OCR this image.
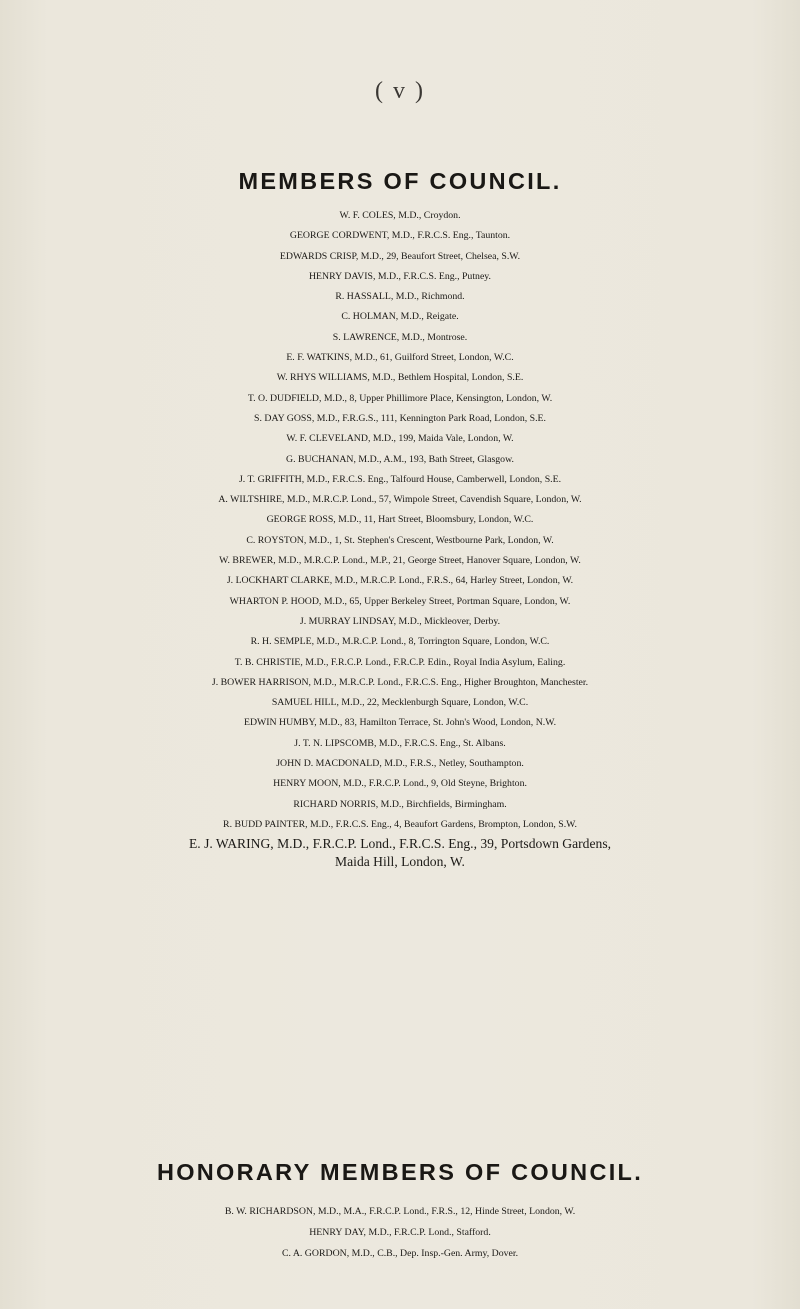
( v )
MEMBERS OF COUNCIL.
W. F. COLES, M.D., Croydon.
GEORGE CORDWENT, M.D., F.R.C.S. Eng., Taunton.
EDWARDS CRISP, M.D., 29, Beaufort Street, Chelsea, S.W.
HENRY DAVIS, M.D., F.R.C.S. Eng., Putney.
R. HASSALL, M.D., Richmond.
C. HOLMAN, M.D., Reigate.
S. LAWRENCE, M.D., Montrose.
E. F. WATKINS, M.D., 61, Guilford Street, London, W.C.
W. RHYS WILLIAMS, M.D., Bethlem Hospital, London, S.E.
T. O. DUDFIELD, M.D., 8, Upper Phillimore Place, Kensington, London, W.
S. DAY GOSS, M.D., F.R.G.S., 111, Kennington Park Road, London, S.E.
W. F. CLEVELAND, M.D., 199, Maida Vale, London, W.
G. BUCHANAN, M.D., A.M., 193, Bath Street, Glasgow.
J. T. GRIFFITH, M.D., F.R.C.S. Eng., Talfourd House, Camberwell, London, S.E.
A. WILTSHIRE, M.D., M.R.C.P. Lond., 57, Wimpole Street, Cavendish Square, London, W.
GEORGE ROSS, M.D., 11, Hart Street, Bloomsbury, London, W.C.
C. ROYSTON, M.D., 1, St. Stephen's Crescent, Westbourne Park, London, W.
W. BREWER, M.D., M.R.C.P. Lond., M.P., 21, George Street, Hanover Square, London, W.
J. LOCKHART CLARKE, M.D., M.R.C.P. Lond., F.R.S., 64, Harley Street, London, W.
WHARTON P. HOOD, M.D., 65, Upper Berkeley Street, Portman Square, London, W.
J. MURRAY LINDSAY, M.D., Mickleover, Derby.
R. H. SEMPLE, M.D., M.R.C.P. Lond., 8, Torrington Square, London, W.C.
T. B. CHRISTIE, M.D., F.R.C.P. Lond., F.R.C.P. Edin., Royal India Asylum, Ealing.
J. BOWER HARRISON, M.D., M.R.C.P. Lond., F.R.C.S. Eng., Higher Broughton, Manchester.
SAMUEL HILL, M.D., 22, Mecklenburgh Square, London, W.C.
EDWIN HUMBY, M.D., 83, Hamilton Terrace, St. John's Wood, London, N.W.
J. T. N. LIPSCOMB, M.D., F.R.C.S. Eng., St. Albans.
JOHN D. MACDONALD, M.D., F.R.S., Netley, Southampton.
HENRY MOON, M.D., F.R.C.P. Lond., 9, Old Steyne, Brighton.
RICHARD NORRIS, M.D., Birchfields, Birmingham.
R. BUDD PAINTER, M.D., F.R.C.S. Eng., 4, Beaufort Gardens, Brompton, London, S.W.
E. J. WARING, M.D., F.R.C.P. Lond., F.R.C.S. Eng., 39, Portsdown Gardens,
Maida Hill, London, W.
HONORARY MEMBERS OF COUNCIL.
B. W. RICHARDSON, M.D., M.A., F.R.C.P. Lond., F.R.S., 12, Hinde Street, London, W.
HENRY DAY, M.D., F.R.C.P. Lond., Stafford.
C. A. GORDON, M.D., C.B., Dep. Insp.-Gen. Army, Dover.
